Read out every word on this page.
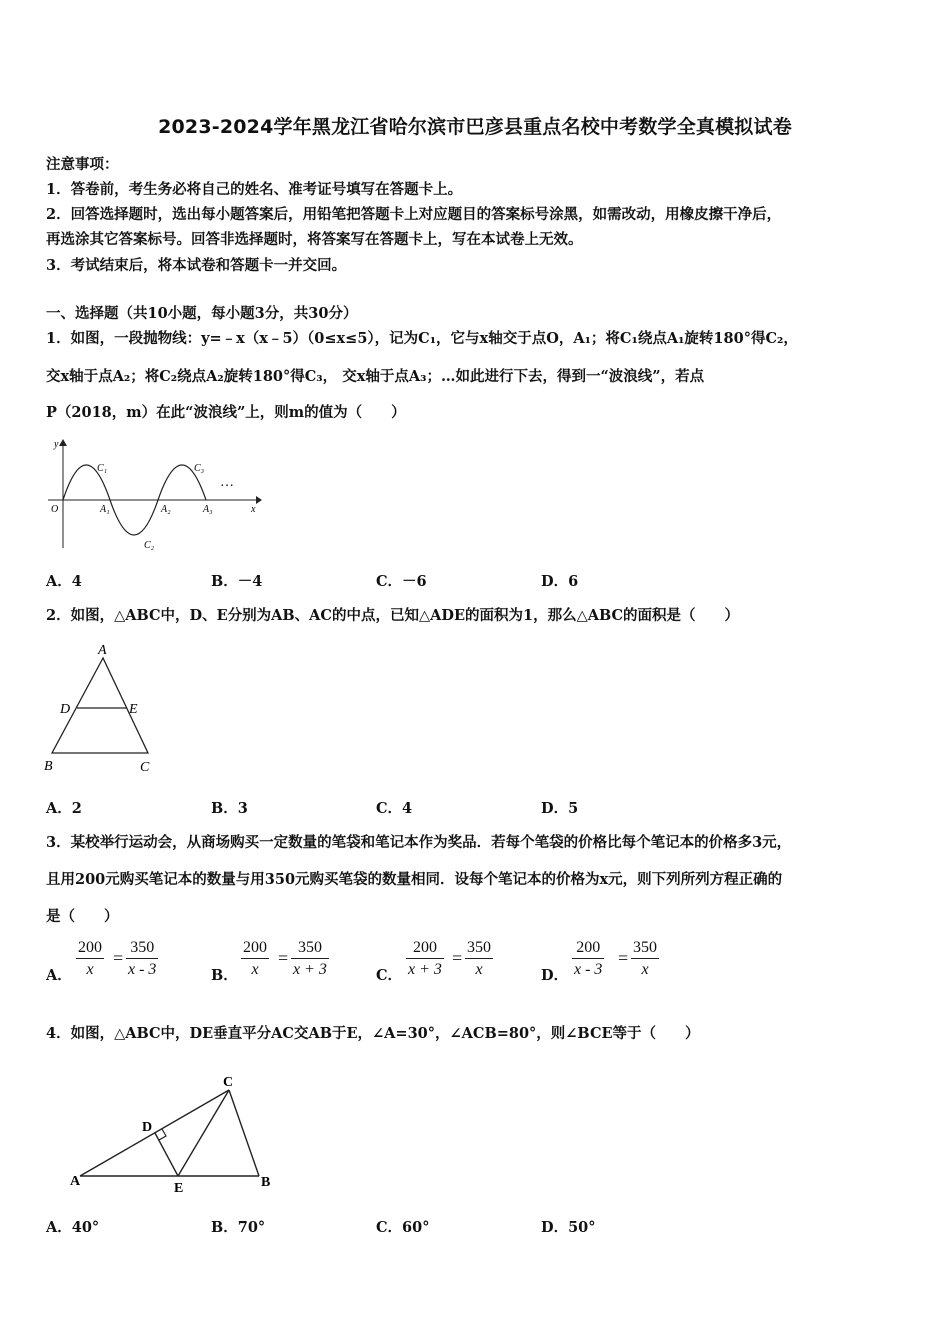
2023-2024学年黑龙江省哈尔滨市巴彦县重点名校中考数学全真模拟试卷
注意事项：
1．答卷前，考生务必将自己的姓名、准考证号填写在答题卡上。
2．回答选择题时，选出每小题答案后，用铅笔把答题卡上对应题目的答案标号涂黑，如需改动，用橡皮擦干净后，
再选涂其它答案标号。回答非选择题时，将答案写在答题卡上，写在本试卷上无效。
3．考试结束后，将本试卷和答题卡一并交回。
一、选择题（共10小题，每小题3分，共30分）
1．如图，一段抛物线：y=﹣x（x﹣5）（0≤x≤5），记为C₁，它与x轴交于点O，A₁；将C₁绕点A₁旋转180°得C₂，
交x轴于点A₂；将C₂绕点A₂旋转180°得C₃， 交x轴于点A₃；…如此进行下去，得到一“波浪线”，若点
P（2018，m）在此“波浪线”上，则m的值为（　　）
y
x
O
C₁
C₂
C₃
A₁	A₂	A₃
…
A．4	B．－4	C．－6	D．6
2．如图，△ABC中，D、E分别为AB、AC的中点，已知△ADE的面积为1，那么△ABC的面积是（　　）
A
B	C
D	E
A．2	B．3	C．4	D．5
3．某校举行运动会，从商场购买一定数量的笔袋和笔记本作为奖品．若每个笔袋的价格比每个笔记本的价格多3元，
且用200元购买笔记本的数量与用350元购买笔袋的数量相同．设每个笔记本的价格为x元，则下列所列方程正确的
是（　　）
A． $\frac{200}{x} = \frac{350}{x - 3}$	B． $\frac{200}{x} = \frac{350}{x + 3}$	C． $\frac{200}{x + 3} = \frac{350}{x}$	D． $\frac{200}{x - 3} = \frac{350}{x}$
4．如图，△ABC中，DE垂直平分AC交AB于E，∠A=30°，∠ACB=80°，则∠BCE等于（　　）
A	B
C
D
E
A．40°	B．70°	C．60°	D．50°
